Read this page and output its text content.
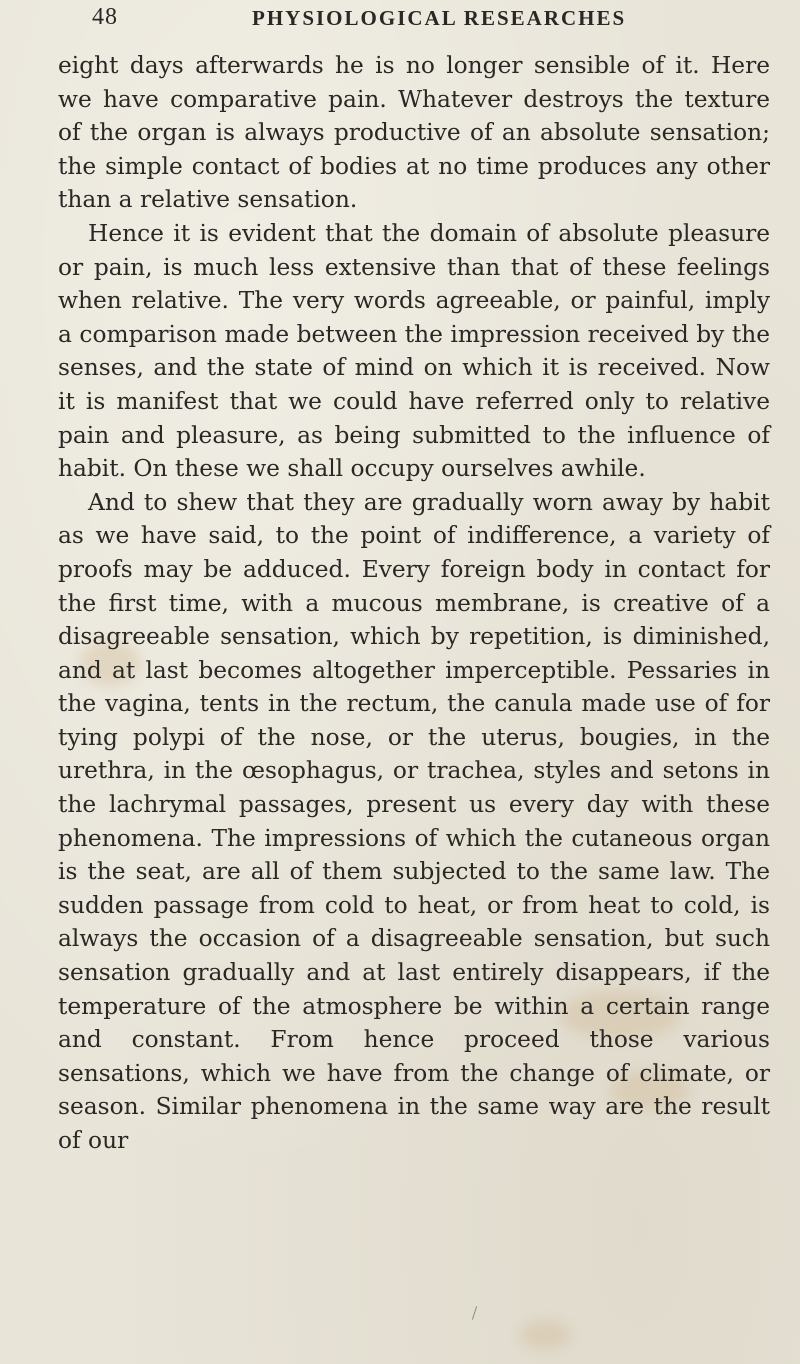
48	PHYSIOLOGICAL RESEARCHES

eight days afterwards he is no longer sensible of it. Here we have comparative pain. Whatever destroys the texture of the organ is always productive of an absolute sensation; the simple contact of bodies at no time produces any other than a relative sensation.

Hence it is evident that the domain of absolute pleasure or pain, is much less extensive than that of these feelings when relative. The very words agreeable, or painful, imply a comparison made between the impression received by the senses, and the state of mind on which it is received. Now it is manifest that we could have referred only to relative pain and pleasure, as being submitted to the influence of habit. On these we shall occupy ourselves awhile.

And to shew that they are gradually worn away by habit as we have said, to the point of indifference, a variety of proofs may be adduced. Every foreign body in contact for the first time, with a mucous membrane, is creative of a disagreeable sensation, which by repetition, is diminished, and at last becomes altogether imperceptible. Pessaries in the vagina, tents in the rectum, the canula made use of for tying polypi of the nose, or the uterus, bougies, in the urethra, in the œsophagus, or trachea, styles and setons in the lachrymal passages, present us every day with these phenomena. The impressions of which the cutaneous organ is the seat, are all of them subjected to the same law. The sudden passage from cold to heat, or from heat to cold, is always the occasion of a disagreeable sensation, but such sensation gradually and at last entirely disappears, if the temperature of the atmosphere be within a certain range and constant. From hence proceed those various sensations, which we have from the change of climate, or season. Similar phenomena in the same way are the result of our
